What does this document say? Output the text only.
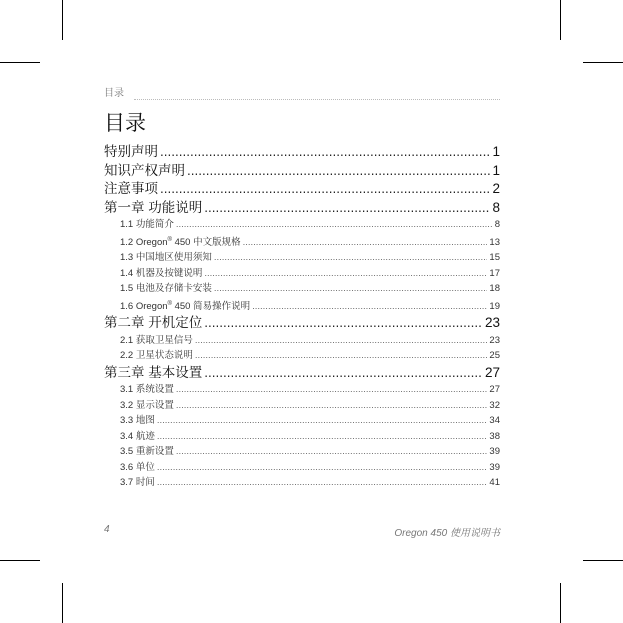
目录
目录
特别声明 .....	1
知识产权声明 .....	1
注意事项 .....	2
第一章 功能说明 .....	8
1.1 功能简介 .....	8
1.2 Oregon® 450 中文版规格 .....	13
1.3 中国地区使用须知 .....	15
1.4 机器及按键说明 .....	17
1.5 电池及存储卡安装 .....	18
1.6 Oregon® 450 简易操作说明 .....	19
第二章 开机定位 .....	23
2.1 获取卫星信号 .....	23
2.2 卫星状态说明 .....	25
第三章 基本设置 .....	27
3.1 系统设置 .....	27
3.2 显示设置 .....	32
3.3 地图 .....	34
3.4 航迹 .....	38
3.5 重新设置 .....	39
3.6 单位 .....	39
3.7 时间 .....	41
4	Oregon 450 使用说明书
